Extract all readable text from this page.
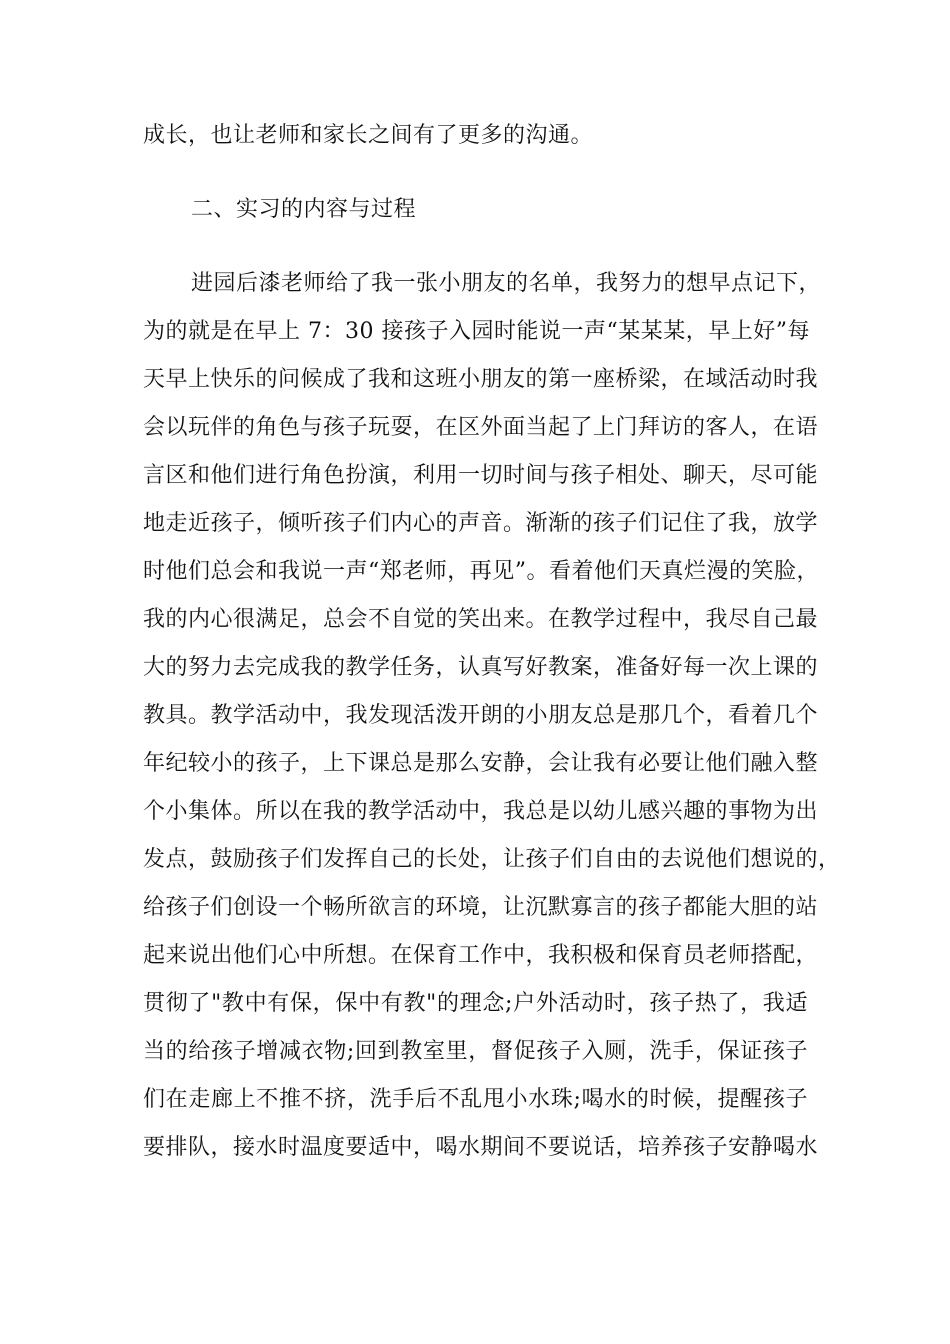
成长，也让老师和家长之间有了更多的沟通。
二、实习的内容与过程
进园后漆老师给了我一张小朋友的名单，我努力的想早点记下，
为的就是在早上 7：30 接孩子入园时能说一声“某某某，早上好”每
天早上快乐的问候成了我和这班小朋友的第一座桥梁，在域活动时我
会以玩伴的角色与孩子玩耍，在区外面当起了上门拜访的客人，在语
言区和他们进行角色扮演，利用一切时间与孩子相处、聊天，尽可能
地走近孩子，倾听孩子们内心的声音。渐渐的孩子们记住了我，放学
时他们总会和我说一声“郑老师，再见”。看着他们天真烂漫的笑脸，
我的内心很满足，总会不自觉的笑出来。在教学过程中，我尽自己最
大的努力去完成我的教学任务，认真写好教案，准备好每一次上课的
教具。教学活动中，我发现活泼开朗的小朋友总是那几个，看着几个
年纪较小的孩子，上下课总是那么安静，会让我有必要让他们融入整
个小集体。所以在我的教学活动中，我总是以幼儿感兴趣的事物为出
发点，鼓励孩子们发挥自己的长处，让孩子们自由的去说他们想说的，
给孩子们创设一个畅所欲言的环境，让沉默寡言的孩子都能大胆的站
起来说出他们心中所想。在保育工作中，我积极和保育员老师搭配，
贯彻了"教中有保，保中有教"的理念;户外活动时，孩子热了，我适
当的给孩子增减衣物;回到教室里，督促孩子入厕，洗手，保证孩子
们在走廊上不推不挤，洗手后不乱甩小水珠;喝水的时候，提醒孩子
要排队，接水时温度要适中，喝水期间不要说话，培养孩子安静喝水
